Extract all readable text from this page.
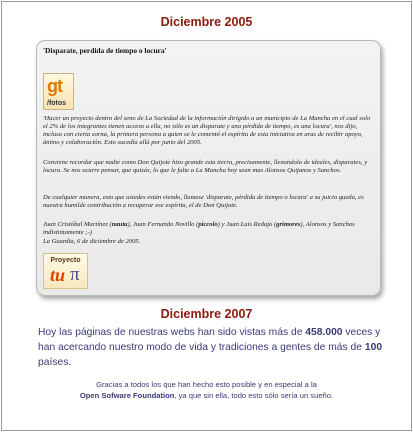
Diciembre 2005
'Disparate, perdida de tiempo o locura'
gt
/fotos
'Hacer un proyecto dentro del seno de La Sociedad de la información dirigido a un municipio de La Mancha en el cual solo el 2% de los integrantes tienen acceso a ella, no sólo es un disparate y una pérdida de tiempo, es una locura', nos dijo, incluso con cierta sorna, la primera persona a quien se le comentó el espíritu de esta iniciativa en aras de recibir apoyo, ánimo y colaboración. Esto sucedía allá por junio del 2005.
Conviene recordar que nadie como Don Quijote hizo grande esta tierra, precisamente, llenandola de ideales, disparates, y locura. Se nos ocurre pensar, que quizás, lo que le falte a La Mancha hoy sean mas Alonsos Quijanos y Sanchos.
De cualquier manera, esto que ustedes están viendo, llamese 'disparate, pérdida de tiempo o locura' a su juicio queda, es nuestra humilde contribución a recuperar ese espíritu, el de Don Quijote.
Juan Cristóbal Martínez (nauta), Juan Fernando Novillo (piccolo) y Juan Luis Redajo (grimores), Alonsos y Sanchos indistintamente ;-)
La Guardia, 6 de diciembre de 2005.
Proyecto
tu π
Diciembre 2007
Hoy las páginas de nuestras webs han sido vistas más de 458.000 veces y han acercando nuestro modo de vida y tradiciones a gentes de más de 100 países.
Gracias a todos los que han hecho esto posible y en especial a la
Open Sofware Foundation, ya que sin ella, todo esto sólo sería un sueño.
